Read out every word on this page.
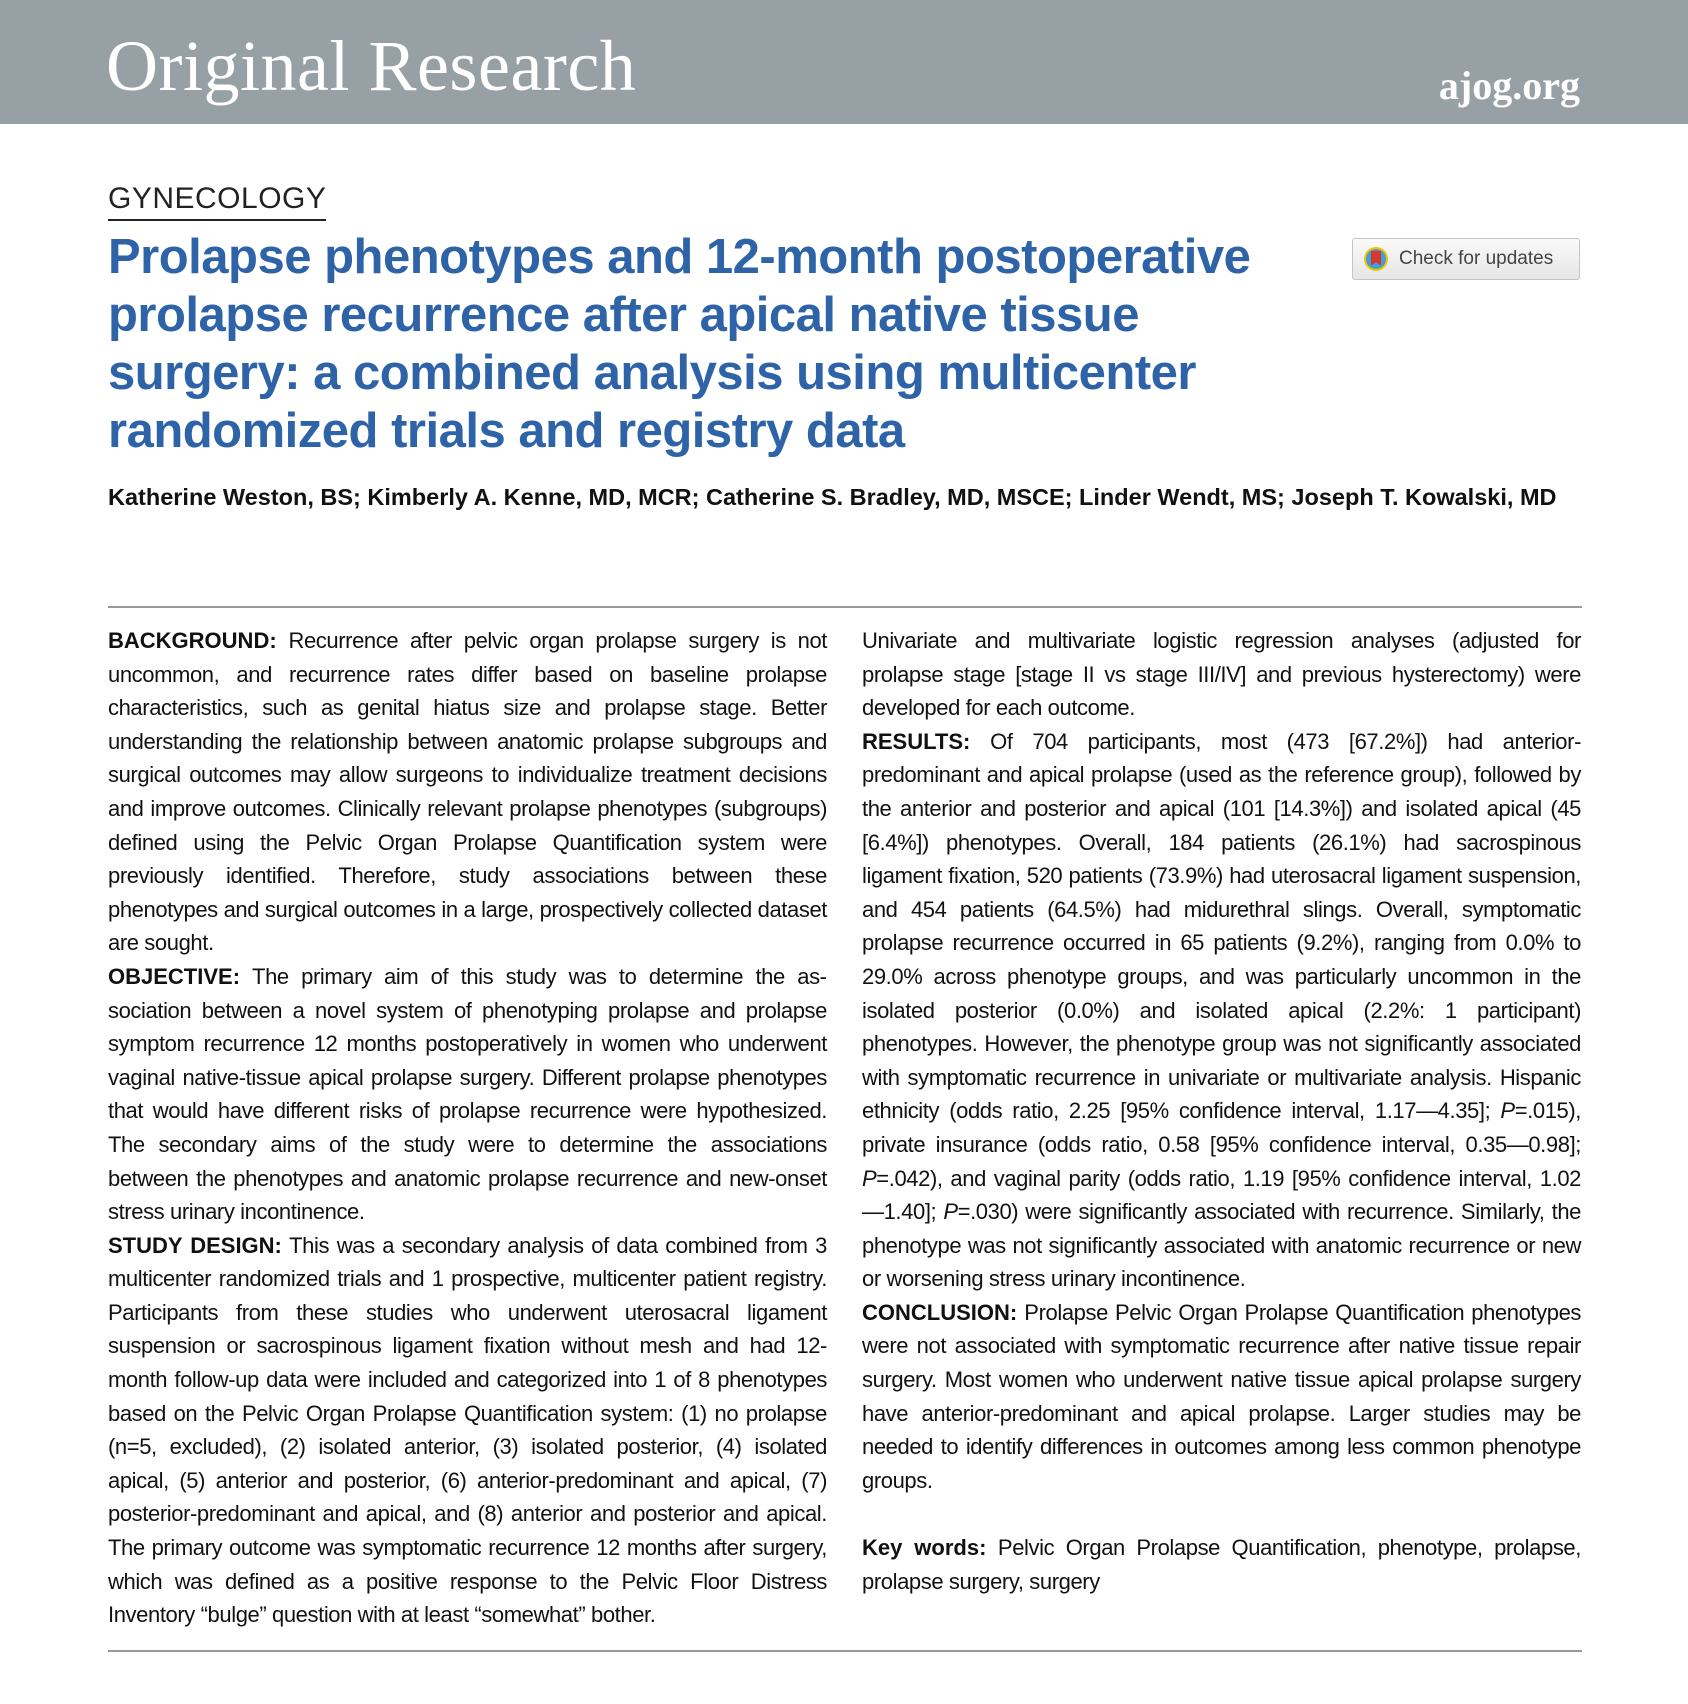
Original Research	ajog.org
GYNECOLOGY
Prolapse phenotypes and 12-month postoperative prolapse recurrence after apical native tissue surgery: a combined analysis using multicenter randomized trials and registry data
Check for updates
Katherine Weston, BS; Kimberly A. Kenne, MD, MCR; Catherine S. Bradley, MD, MSCE; Linder Wendt, MS; Joseph T. Kowalski, MD

BACKGROUND: Recurrence after pelvic organ prolapse surgery is not uncommon, and recurrence rates differ based on baseline prolapse characteristics, such as genital hiatus size and prolapse stage. Better understanding the relationship between anatomic prolapse subgroups and surgical outcomes may allow surgeons to individualize treatment decisions and improve outcomes. Clinically relevant prolapse phenotypes (subgroups) defined using the Pelvic Organ Prolapse Quantification system were previously identified. Therefore, study associations between these phenotypes and surgical outcomes in a large, prospectively collected dataset are sought.

OBJECTIVE: The primary aim of this study was to determine the association between a novel system of phenotyping prolapse and prolapse symptom recurrence 12 months postoperatively in women who underwent vaginal native-tissue apical prolapse surgery. Different prolapse phenotypes that would have different risks of prolapse recurrence were hypothesized. The secondary aims of the study were to determine the associations between the phenotypes and anatomic prolapse recurrence and new-onset stress urinary incontinence.

STUDY DESIGN: This was a secondary analysis of data combined from 3 multicenter randomized trials and 1 prospective, multicenter patient registry. Participants from these studies who underwent uterosacral ligament suspension or sacrospinous ligament fixation without mesh and had 12-month follow-up data were included and categorized into 1 of 8 phenotypes based on the Pelvic Organ Prolapse Quantification system: (1) no prolapse (n=5, excluded), (2) isolated anterior, (3) isolated posterior, (4) isolated apical, (5) anterior and posterior, (6) anterior-predominant and apical, (7) posterior-predominant and apical, and (8) anterior and posterior and apical. The primary outcome was symptomatic recurrence 12 months after surgery, which was defined as a positive response to the Pelvic Floor Distress Inventory “bulge” question with at least “somewhat” bother.

Univariate and multivariate logistic regression analyses (adjusted for prolapse stage [stage II vs stage III/IV] and previous hysterectomy) were developed for each outcome.

RESULTS: Of 704 participants, most (473 [67.2%]) had anterior-predominant and apical prolapse (used as the reference group), followed by the anterior and posterior and apical (101 [14.3%]) and isolated apical (45 [6.4%]) phenotypes. Overall, 184 patients (26.1%) had sacrospinous ligament fixation, 520 patients (73.9%) had uterosacral ligament suspension, and 454 patients (64.5%) had midurethral slings. Overall, symptomatic prolapse recurrence occurred in 65 patients (9.2%), ranging from 0.0% to 29.0% across phenotype groups, and was particularly uncommon in the isolated posterior (0.0%) and isolated apical (2.2%: 1 participant) phenotypes. However, the phenotype group was not significantly associated with symptomatic recurrence in univariate or multivariate analysis. Hispanic ethnicity (odds ratio, 2.25 [95% confidence interval, 1.17—4.35]; P=.015), private insurance (odds ratio, 0.58 [95% confidence interval, 0.35—0.98]; P=.042), and vaginal parity (odds ratio, 1.19 [95% confidence interval, 1.02—1.40]; P=.030) were significantly associated with recurrence. Similarly, the phenotype was not significantly associated with anatomic recurrence or new or worsening stress urinary incontinence.

CONCLUSION: Prolapse Pelvic Organ Prolapse Quantification phenotypes were not associated with symptomatic recurrence after native tissue repair surgery. Most women who underwent native tissue apical prolapse surgery have anterior-predominant and apical prolapse. Larger studies may be needed to identify differences in outcomes among less common phenotype groups.

Key words: Pelvic Organ Prolapse Quantification, phenotype, prolapse, prolapse surgery, surgery
